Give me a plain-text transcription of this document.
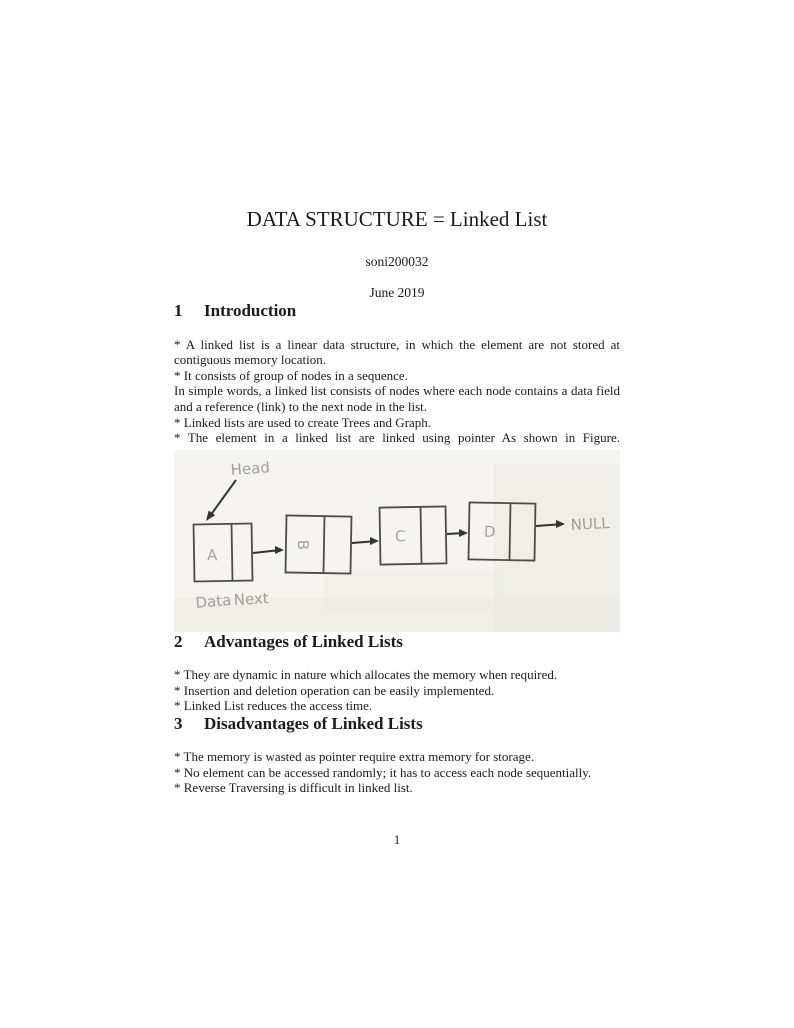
DATA STRUCTURE = Linked List
soni200032
June 2019
1 Introduction

* A linked list is a linear data structure, in which the element are not stored at contiguous memory location.

* It consists of group of nodes in a sequence.

In simple words, a linked list consists of nodes where each node contains a data field and a reference (link) to the next node in the list.

* Linked lists are used to create Trees and Graph.

* The element in a linked list are linked using pointer As shown in Figure.

Head
A
B	C	D	NULL
Data Next
2 Advantages of Linked Lists

* They are dynamic in nature which allocates the memory when required.

* Insertion and deletion operation can be easily implemented.

* Linked List reduces the access time.

3 Disadvantages of Linked Lists

* The memory is wasted as pointer require extra memory for storage.

* No element can be accessed randomly; it has to access each node sequentially.

* Reverse Traversing is difficult in linked list.

1
